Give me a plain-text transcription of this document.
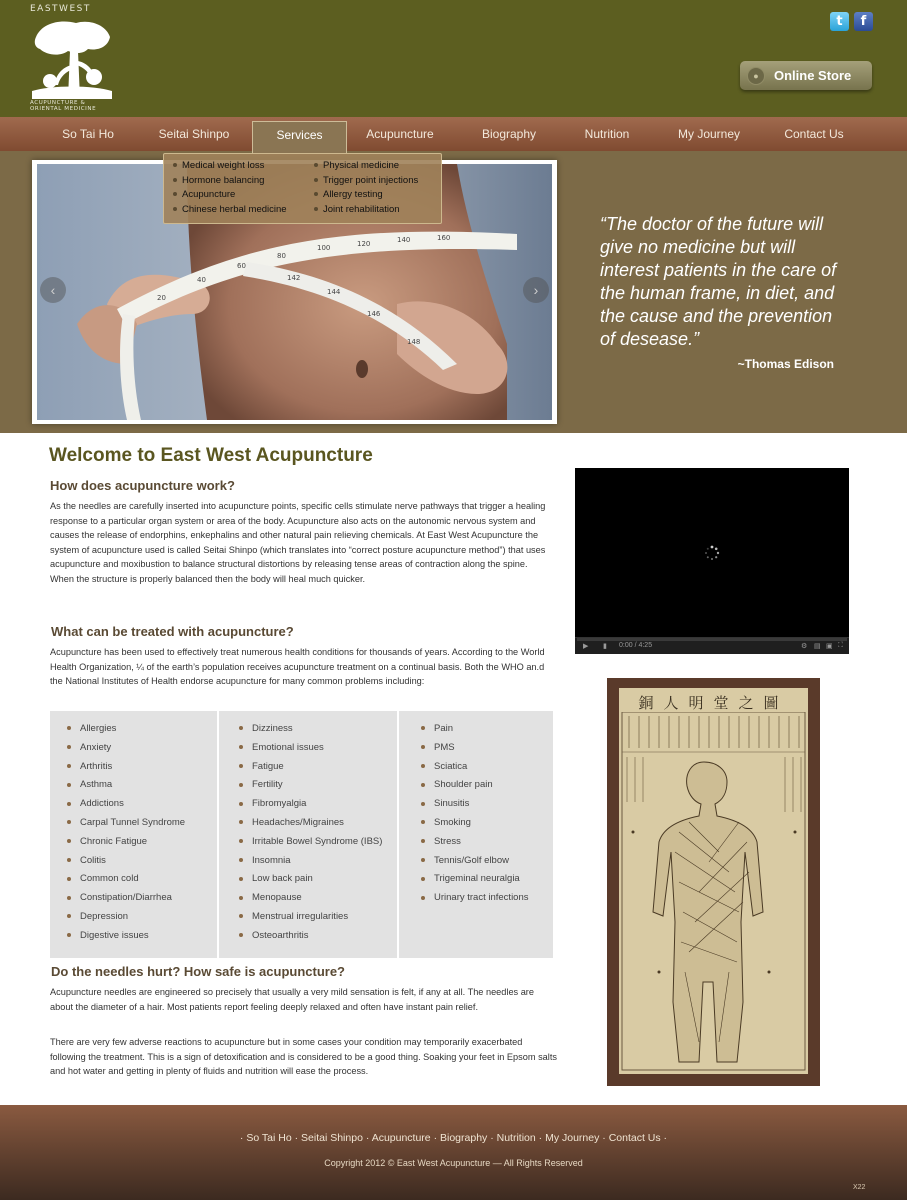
EASTWEST
ACUPUNCTURE & ORIENTAL MEDICINE
t	f
●	Online Store
So Tai Ho	Seitai Shinpo	Acupuncture	Biography	Nutrition	My Journey	Contact Us
Services
20
40
60
80
100	120	140	160
142
144
146
148
‹	›
Medical weight loss
Hormone balancing
Acupuncture
Chinese herbal medicine
Physical medicine
Trigger point injections
Allergy testing
Joint rehabilitation
“The doctor of the future will give no medicine but will interest patients in the care of the human frame, in diet, and the cause and the prevention of desease.”
~Thomas Edison
Welcome to East West Acupuncture
How does acupuncture work?
As the needles are carefully inserted into acupuncture points, specific cells stimulate nerve pathways that trigger a healing response to a particular organ system or area of the body. Acupuncture also acts on the autonomic nervous system and causes the release of endorphins, enkephalins and other natural pain relieving chemicals. At East West Acupuncture the system of acupuncture used is called Seitai Shinpo (which translates into “correct posture acupuncture method”) that uses acupuncture and moxibustion to balance structural distortions by releasing tense areas of contraction along the spine. When the structure is properly balanced then the body will heal much quicker.
What can be treated with acupuncture?
Acupuncture has been used to effectively treat numerous health conditions for thousands of years. According to the World Health Organization, ¼ of the earth’s population receives acupuncture treatment on a continual basis. Both the WHO an.d the National Institutes of Health endorse acupuncture for many common problems including:
Allergies
Anxiety
Arthritis
Asthma
Addictions
Carpal Tunnel Syndrome
Chronic Fatigue
Colitis
Common cold
Constipation/Diarrhea
Depression
Digestive issues
Dizziness
Emotional issues
Fatigue
Fertility
Fibromyalgia
Headaches/Migraines
Irritable Bowel Syndrome (IBS)
Insomnia
Low back pain
Menopause
Menstrual irregularities
Osteoarthritis
Pain
PMS
Sciatica
Shoulder pain
Sinusitis
Smoking
Stress
Tennis/Golf elbow
Trigeminal neuralgia
Urinary tract infections
Do the needles hurt? How safe is acupuncture?
Acupuncture needles are engineered so precisely that usually a very mild sensation is felt, if any at all. The needles are about the diameter of a hair. Most patients report feeling deeply relaxed and often have instant pain relief.
There are very few adverse reactions to acupuncture but in some cases your condition may temporarily exacerbated following the treatment. This is a sign of detoxification and is considered to be a good thing. Soaking your feet in Epsom salts and hot water and getting in plenty of fluids and nutrition will ease the process.
▶ ▮ 0:00 / 4:25	⚙ ▤ ▣ ⛶
銅人明堂之圖
· So Tai Ho · Seitai Shinpo · Acupuncture · Biography · Nutrition · My Journey · Contact Us ·
Copyright 2012 © East West Acupuncture — All Rights Reserved
X22
